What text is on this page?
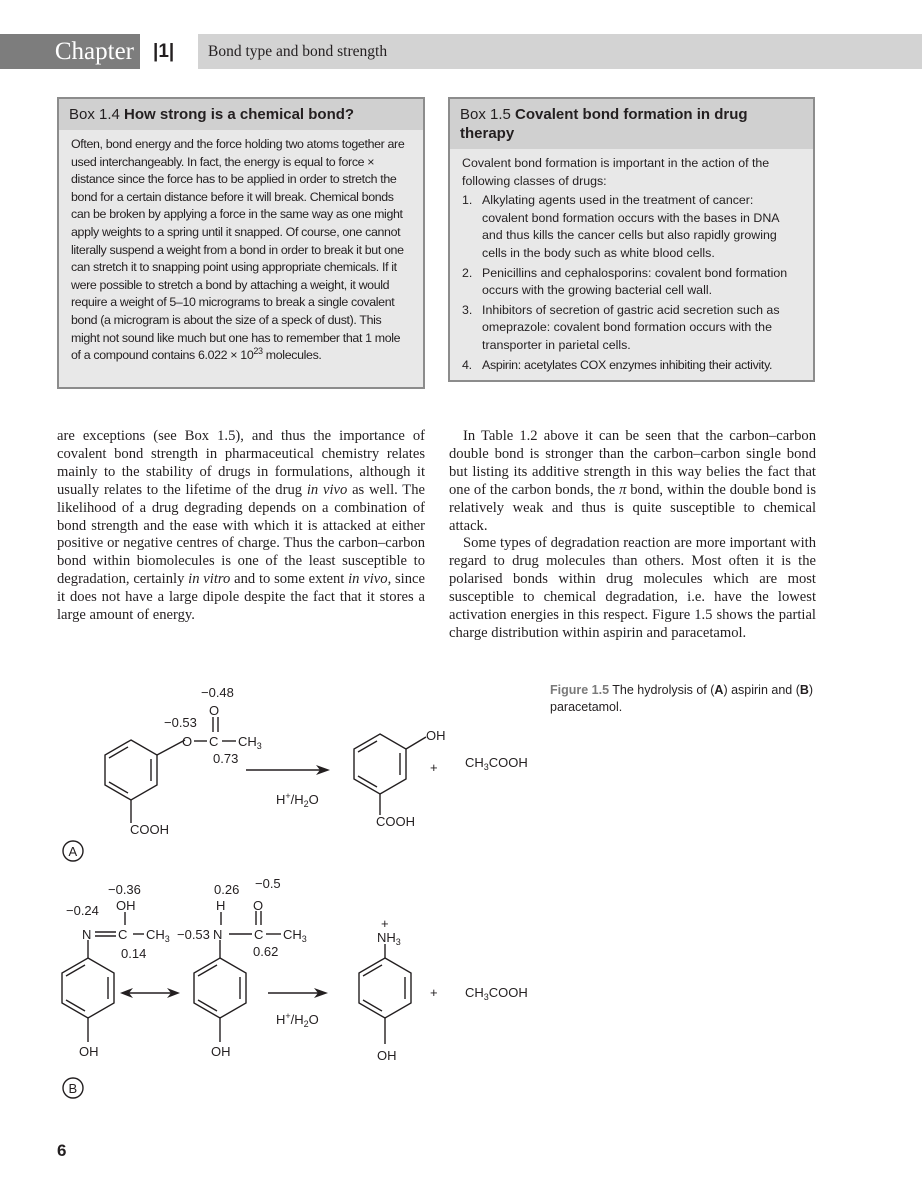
Chapter	|1| Bond type and bond strength
Box 1.4 How strong is a chemical bond?
Often, bond energy and the force holding two atoms together are used interchangeably. In fact, the energy is equal to force × distance since the force has to be applied in order to stretch the bond for a certain distance before it will break. Chemical bonds can be broken by applying a force in the same way as one might apply weights to a spring until it snapped. Of course, one cannot literally suspend a weight from a bond in order to break it but one can stretch it to snapping point using appropriate chemicals. If it were possible to stretch a bond by attaching a weight, it would require a weight of 5–10 micrograms to break a single covalent bond (a microgram is about the size of a speck of dust). This might not sound like much but one has to remember that 1 mole of a compound contains $6.022 \times 10^{23}$ molecules.
Box 1.5 Covalent bond formation in drug therapy
Covalent bond formation is important in the action of the following classes of drugs:
1. Alkylating agents used in the treatment of cancer: covalent bond formation occurs with the bases in DNA and thus kills the cancer cells but also rapidly growing cells in the body such as white blood cells.
2. Penicillins and cephalosporins: covalent bond formation occurs with the growing bacterial cell wall.
3. Inhibitors of secretion of gastric acid secretion such as omeprazole: covalent bond formation occurs with the transporter in parietal cells.
4. Aspirin: acetylates COX enzymes inhibiting their activity.

are exceptions (see Box 1.5), and thus the importance of covalent bond strength in pharmaceutical chemistry relates mainly to the stability of drugs in formulations, although it usually relates to the lifetime of the drug in vivo as well. The likelihood of a drug degrading depends on a combination of bond strength and the ease with which it is attacked at either positive or negative centres of charge. Thus the carbon–carbon bond within biomolecules is one of the least susceptible to degradation, certainly in vitro and to some extent in vivo, since it does not have a large dipole despite the fact that it stores a large amount of energy.

In Table 1.2 above it can be seen that the carbon–carbon double bond is stronger than the carbon–carbon single bond but listing its additive strength in this way belies the fact that one of the carbon bonds, the π bond, within the double bond is relatively weak and thus is quite susceptible to chemical attack.

Some types of degradation reaction are more important with regard to drug molecules than others. Most often it is the polarised bonds within drug molecules which are most susceptible to chemical degradation, i.e. have the lowest activation energies in this respect. Figure 1.5 shows the partial charge distribution within aspirin and paracetamol.

Figure 1.5 The hydrolysis of (A) aspirin and (B) paracetamol.
−0.48
O
−0.53
O C $CH_3$
0.73
COOH
$H^+/H_2O$
OH
COOH
+ $CH_3COOH$
A
−0.36
OH
−0.24
N C $CH_3$
0.14
0.26 −0.5
H O
−0.53 N C $CH_3$
0.62
OH	OH
$H^+/H_2O$
+
$NH_3$
OH
+ $CH_3COOH$
B
6
